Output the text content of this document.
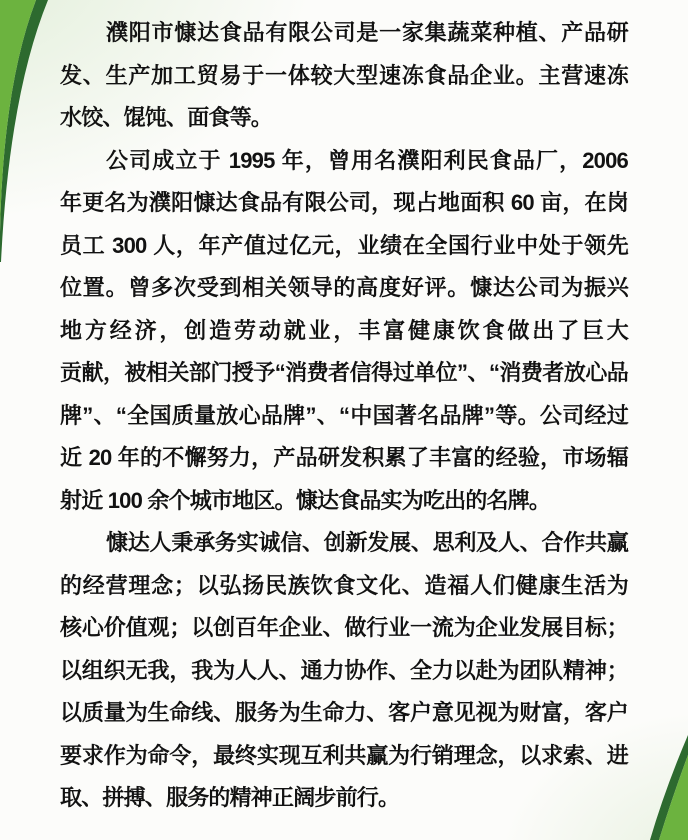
濮阳市慷达食品有限公司是一家集蔬菜种植、产品研
发、生产加工贸易于一体较大型速冻食品企业。主营速冻
水饺、馄饨、面食等。
公司成立于 1995 年，曾用名濮阳利民食品厂，2006
年更名为濮阳慷达食品有限公司，现占地面积 60 亩，在岗
员工 300 人，年产值过亿元，业绩在全国行业中处于领先
位置。曾多次受到相关领导的高度好评。慷达公司为振兴
地方经济，创造劳动就业，丰富健康饮食做出了巨大
贡献，被相关部门授予“消费者信得过单位”、“消费者放心品
牌”、“全国质量放心品牌”、“中国著名品牌”等。公司经过
近 20 年的不懈努力，产品研发积累了丰富的经验，市场辐
射近 100 余个城市地区。慷达食品实为吃出的名牌。
慷达人秉承务实诚信、创新发展、思利及人、合作共赢
的经营理念；以弘扬民族饮食文化、造福人们健康生活为
核心价值观；以创百年企业、做行业一流为企业发展目标；
以组织无我，我为人人、通力协作、全力以赴为团队精神；
以质量为生命线、服务为生命力、客户意见视为财富，客户
要求作为命令，最终实现互利共赢为行销理念，以求索、进
取、拼搏、服务的精神正阔步前行。
